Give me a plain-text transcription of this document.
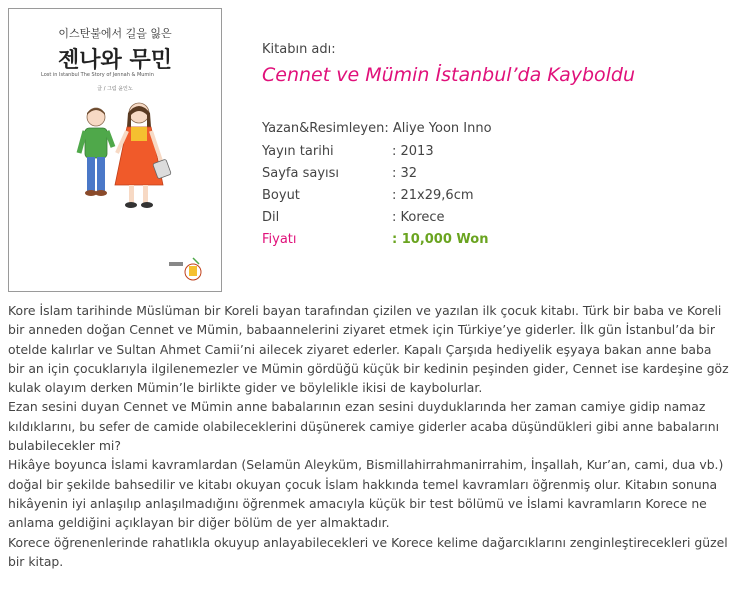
이스탄불에서 길을 잃은
젠나와 무민
Lost in Istanbul The Story of Jennah & Mumin
글 / 그림 윤인노
Kitabın adı:
Cennet ve Mümin İstanbul’da Kayboldu
Yazan&Resimleyen: Aliye Yoon Inno
Yayın tarihi	: 2013
Sayfa sayısı	: 32
Boyut	: 21x29,6cm
Dil	: Korece
Fiyatı	: 10,000 Won

Kore İslam tarihinde Müslüman bir Koreli bayan tarafından çizilen ve yazılan ilk çocuk kitabı. Türk bir baba ve Koreli bir anneden doğan Cennet ve Mümin, babaannelerini ziyaret etmek için Türkiye’ye giderler. İlk gün İstanbul’da bir otelde kalırlar ve Sultan Ahmet Camii’ni ailecek ziyaret ederler. Kapalı Çarşıda hediyelik eşyaya bakan anne baba bir an için çocuklarıyla ilgilenemezler ve Mümin gördüğü küçük bir kedinin peşinden gider, Cennet ise kardeşine göz kulak olayım derken Mümin’le birlikte gider ve böylelikle ikisi de kaybolurlar.

Ezan sesini duyan Cennet ve Mümin anne babalarının ezan sesini duyduklarında her zaman camiye gidip namaz kıldıklarını, bu sefer de camide olabileceklerini düşünerek camiye giderler acaba düşündükleri gibi anne babalarını bulabilecekler mi?

Hikâye boyunca İslami kavramlardan (Selamün Aleyküm, Bismillahirrahmanirrahim, İnşallah, Kur’an, cami, dua vb.) doğal bir şekilde bahsedilir ve kitabı okuyan çocuk İslam hakkında temel kavramları öğrenmiş olur. Kitabın sonuna hikâyenin iyi anlaşılıp anlaşılmadığını öğrenmek amacıyla küçük bir test bölümü ve İslami kavramların Korece ne anlama geldiğini açıklayan bir diğer bölüm de yer almaktadır.

Korece öğrenenlerinde rahatlıkla okuyup anlayabilecekleri ve Korece kelime dağarcıklarını zenginleştirecekleri güzel bir kitap.
